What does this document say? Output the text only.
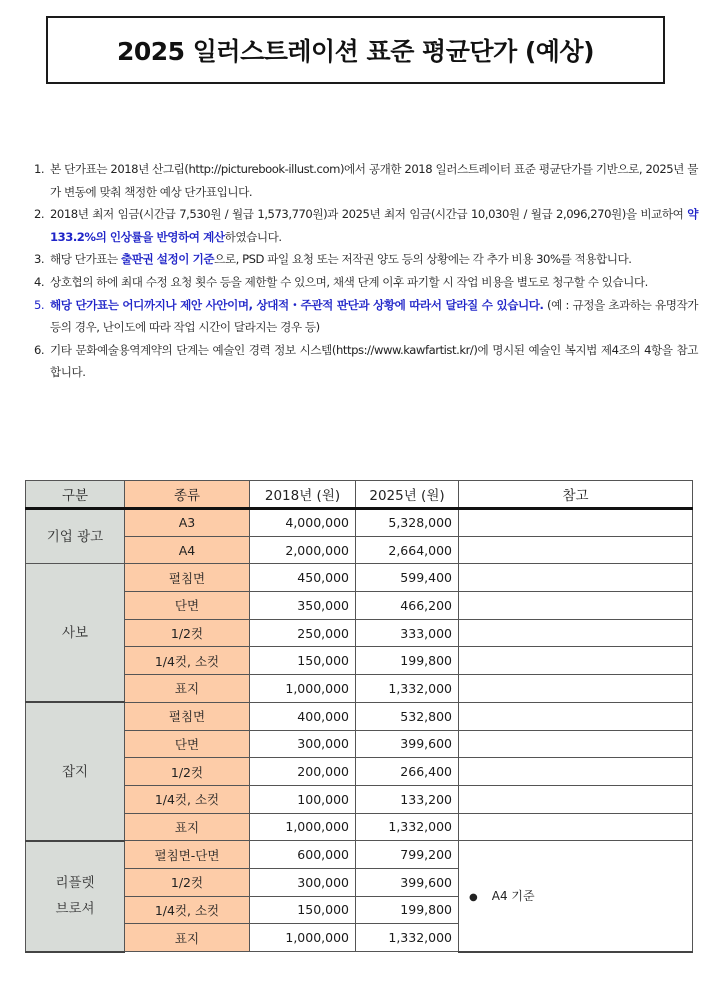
2025 일러스트레이션 표준 평균단가 (예상)
1. 본 단가표는 2018년 산그림(http://picturebook-illust.com)에서 공개한 2018 일러스트레이터 표준 평균단가를 기반으로, 2025년 물가 변동에 맞춰 책정한 예상 단가표입니다.
2. 2018년 최저 임금(시간급 7,530원 / 월급 1,573,770원)과 2025년 최저 임금(시간급 10,030원 / 월급 2,096,270원)을 비교하여 약 133.2%의 인상률을 반영하여 계산하였습니다.
3. 해당 단가표는 출판권 설정이 기준으로, PSD 파일 요청 또는 저작권 양도 등의 상황에는 각 추가 비용 30%를 적용합니다.
4. 상호협의 하에 최대 수정 요청 횟수 등을 제한할 수 있으며, 채색 단계 이후 파기할 시 작업 비용을 별도로 청구할 수 있습니다.
5. 해당 단가표는 어디까지나 제안 사안이며, 상대적・주관적 판단과 상황에 따라서 달라질 수 있습니다. (예 : 규정을 초과하는 유명작가 등의 경우, 난이도에 따라 작업 시간이 달라지는 경우 등)
6. 기타 문화예술용역계약의 단계는 예술인 경력 정보 시스템(https://www.kawfartist.kr/)에 명시된 예술인 복지법 제4조의 4항을 참고합니다.
구분	종류	2018년 (원)	2025년 (원)	참고
기업 광고	A3	4,000,000	5,328,000	
	A4	2,000,000	2,664,000	
사보	펼침면	450,000	599,400	
	단면	350,000	466,200	
	1/2컷	250,000	333,000	
	1/4컷, 소컷	150,000	199,800	
	표지	1,000,000	1,332,000	
잡지	펼침면	400,000	532,800	
	단면	300,000	399,600	
	1/2컷	200,000	266,400	
	1/4컷, 소컷	100,000	133,200	
	표지	1,000,000	1,332,000	

리플렛
브로셔	펼침면-단면	600,000	799,200	● A4 기준
	1/2컷	300,000	399,600	
	1/4컷, 소컷	150,000	199,800	
	표지	1,000,000	1,332,000	
